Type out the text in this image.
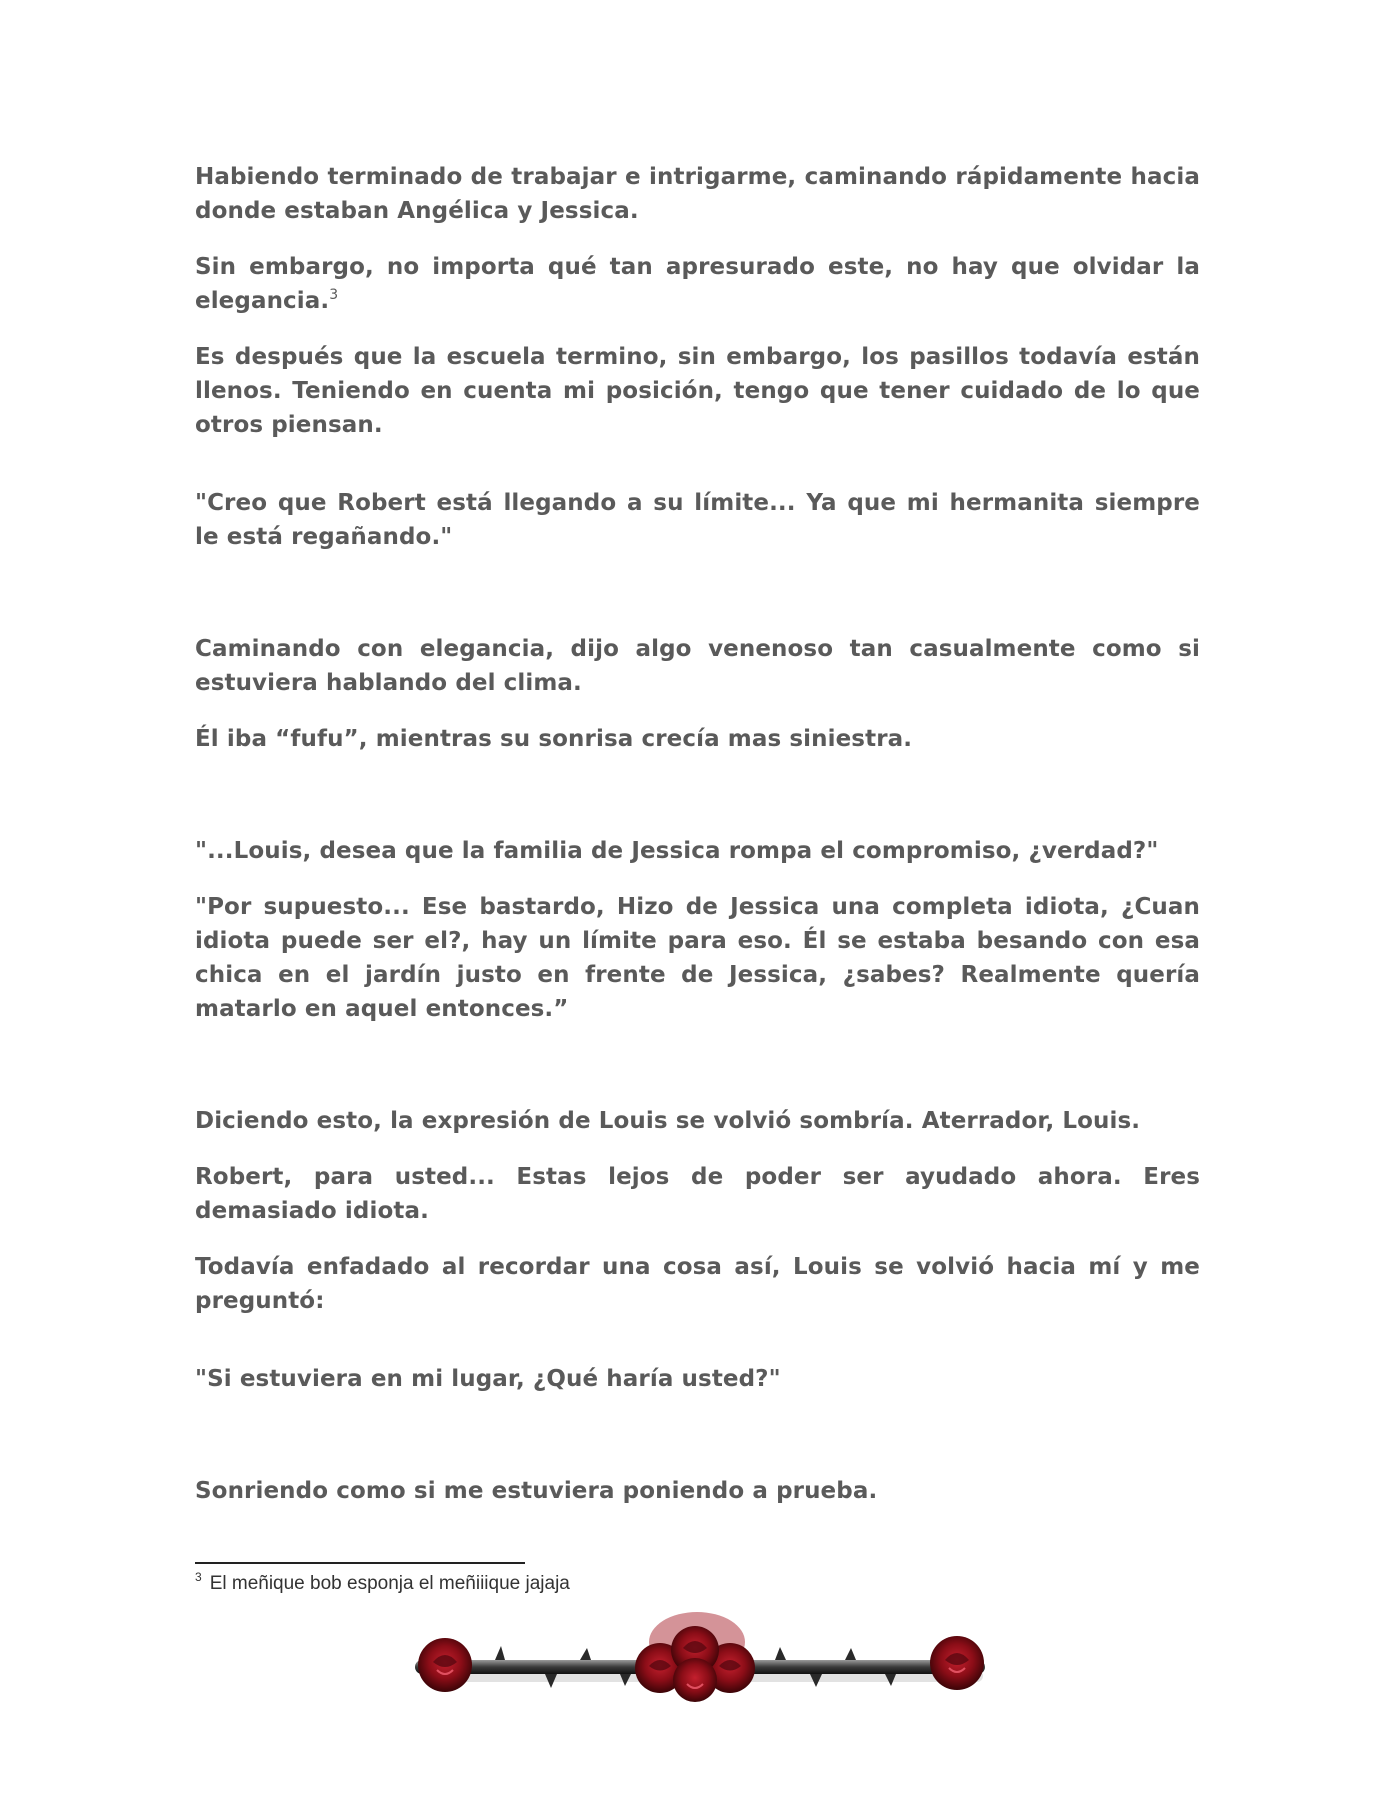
Habiendo terminado de trabajar e intrigarme, caminando rápidamente hacia donde estaban Angélica y Jessica.

Sin embargo, no importa qué tan apresurado este, no hay que olvidar la elegancia.$^3$

Es después que la escuela termino, sin embargo, los pasillos todavía están llenos. Teniendo en cuenta mi posición, tengo que tener cuidado de lo que otros piensan.

"Creo que Robert está llegando a su límite... Ya que mi hermanita siempre le está regañando."

Caminando con elegancia, dijo algo venenoso tan casualmente como si estuviera hablando del clima.

Él iba “fufu”, mientras su sonrisa crecía mas siniestra.

"...Louis, desea que la familia de Jessica rompa el compromiso, ¿verdad?"

"Por supuesto... Ese bastardo, Hizo de Jessica una completa idiota, ¿Cuan idiota puede ser el?, hay un límite para eso. Él se estaba besando con esa chica en el jardín justo en frente de Jessica, ¿sabes? Realmente quería matarlo en aquel entonces.”

Diciendo esto, la expresión de Louis se volvió sombría. Aterrador, Louis.

Robert, para usted... Estas lejos de poder ser ayudado ahora. Eres demasiado idiota.

Todavía enfadado al recordar una cosa así, Louis se volvió hacia mí y me preguntó:

"Si estuviera en mi lugar, ¿Qué haría usted?"

Sonriendo como si me estuviera poniendo a prueba.

$^3$ El meñique bob esponja el meñiiique jajaja
